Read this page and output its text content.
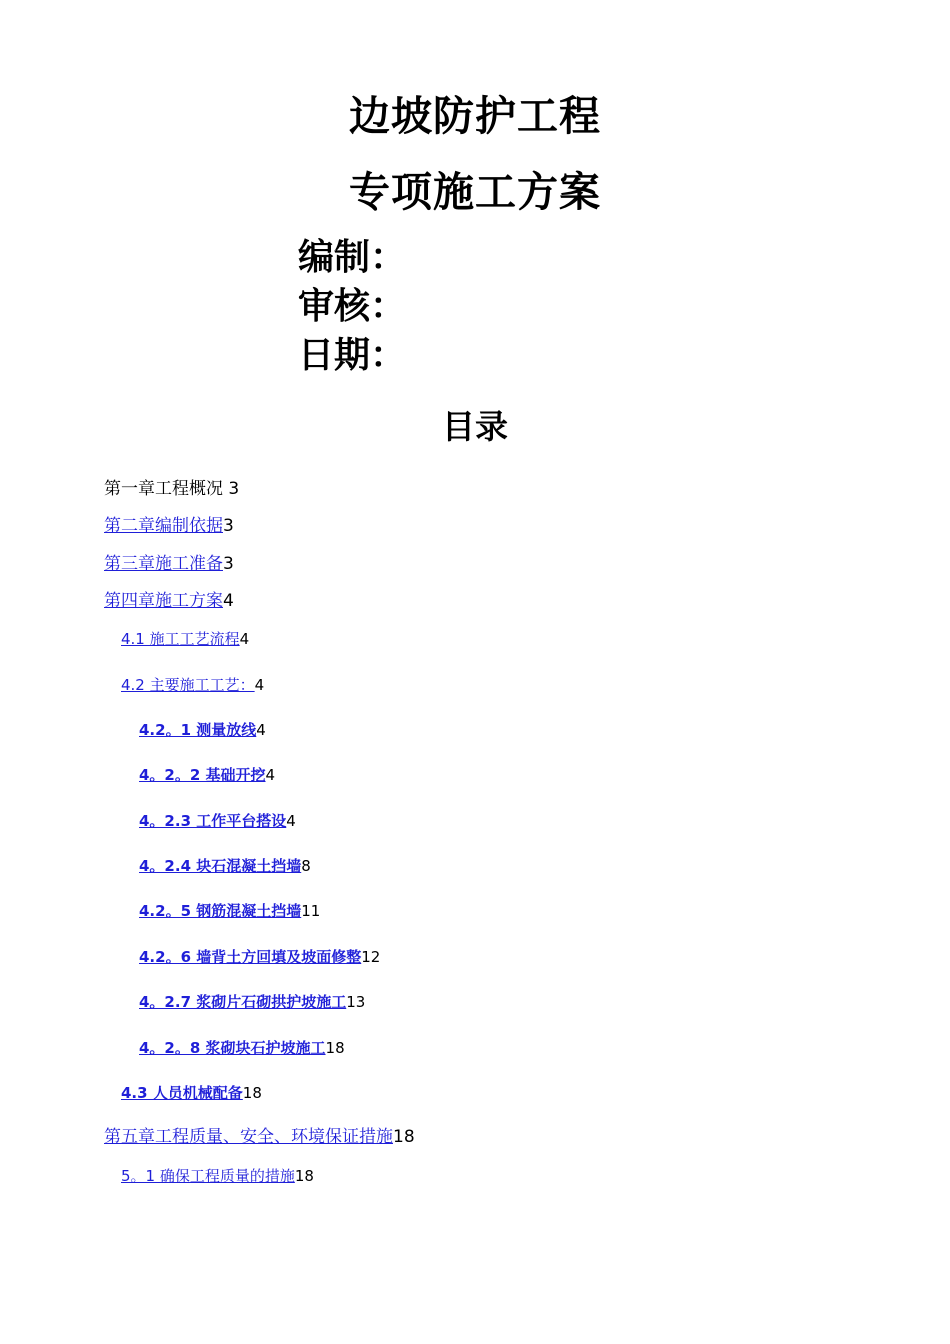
边坡防护工程
专项施工方案
编制：
审核：
日期：
目录
第一章工程概况 3
第二章编制依据3
第三章施工准备3
第四章施工方案4
4.1 施工工艺流程4
4.2 主要施工工艺：4
4.2。1 测量放线4
4。2。2 基础开挖4
4。2.3 工作平台搭设4
4。2.4 块石混凝土挡墙8
4.2。5 钢筋混凝土挡墙11
4.2。6 墙背土方回填及坡面修整12
4。2.7 浆砌片石砌拱护坡施工13
4。2。8 浆砌块石护坡施工18
4.3 人员机械配备18
第五章工程质量、安全、环境保证措施18
5。1 确保工程质量的措施18
